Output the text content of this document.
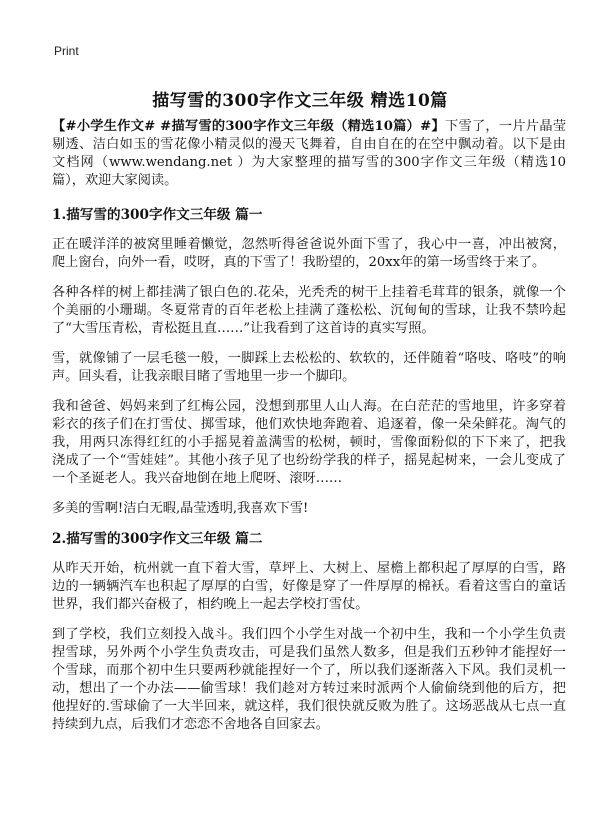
Print
描写雪的300字作文三年级 精选10篇

【#小学生作文# #描写雪的300字作文三年级（精选10篇）#】下雪了，一片片晶莹剔透、洁白如玉的雪花像小精灵似的漫天飞舞着，自由自在的在空中飘动着。以下是由文档网（www.wendang.net ）为大家整理的描写雪的300字作文三年级（精选10篇），欢迎大家阅读。

1.描写雪的300字作文三年级 篇一

正在暖洋洋的被窝里睡着懒觉，忽然听得爸爸说外面下雪了，我心中一喜，冲出被窝，爬上窗台，向外一看，哎呀，真的下雪了！我盼望的，20xx年的第一场雪终于来了。

各种各样的树上都挂满了银白色的.花朵，光秃秃的树干上挂着毛茸茸的银条，就像一个个美丽的小珊瑚。冬夏常青的百年老松上挂满了蓬松松、沉甸甸的雪球，让我不禁吟起了“大雪压青松，青松挺且直……”让我看到了这首诗的真实写照。

雪，就像铺了一层毛毯一般，一脚踩上去松松的、软软的，还伴随着“咯吱、咯吱”的响声。回头看，让我亲眼目睹了雪地里一步一个脚印。

我和爸爸、妈妈来到了红梅公园，没想到那里人山人海。在白茫茫的雪地里，许多穿着彩衣的孩子们在打雪仗、掷雪球，他们欢快地奔跑着、追逐着，像一朵朵鲜花。淘气的我，用两只冻得红红的小手摇晃着盖满雪的松树，顿时，雪像面粉似的下下来了，把我浇成了一个“雪娃娃”。其他小孩子见了也纷纷学我的样子，摇晃起树来，一会儿变成了一个圣诞老人。我兴奋地倒在地上爬呀、滚呀……

多美的雪啊!洁白无暇,晶莹透明,我喜欢下雪!

2.描写雪的300字作文三年级 篇二

从昨天开始，杭州就一直下着大雪，草坪上、大树上、屋檐上都积起了厚厚的白雪，路边的一辆辆汽车也积起了厚厚的白雪，好像是穿了一件厚厚的棉袄。看着这雪白的童话世界，我们都兴奋极了，相约晚上一起去学校打雪仗。

到了学校，我们立刻投入战斗。我们四个小学生对战一个初中生，我和一个小学生负责捏雪球，另外两个小学生负责攻击，可是我们虽然人数多，但是我们五秒钟才能捏好一个雪球，而那个初中生只要两秒就能捏好一个了，所以我们逐渐落入下风。我们灵机一动，想出了一个办法——偷雪球！我们趁对方转过来时派两个人偷偷绕到他的后方，把他捏好的.雪球偷了一大半回来，就这样，我们很快就反败为胜了。这场恶战从七点一直持续到九点，后我们才恋恋不舍地各自回家去。
